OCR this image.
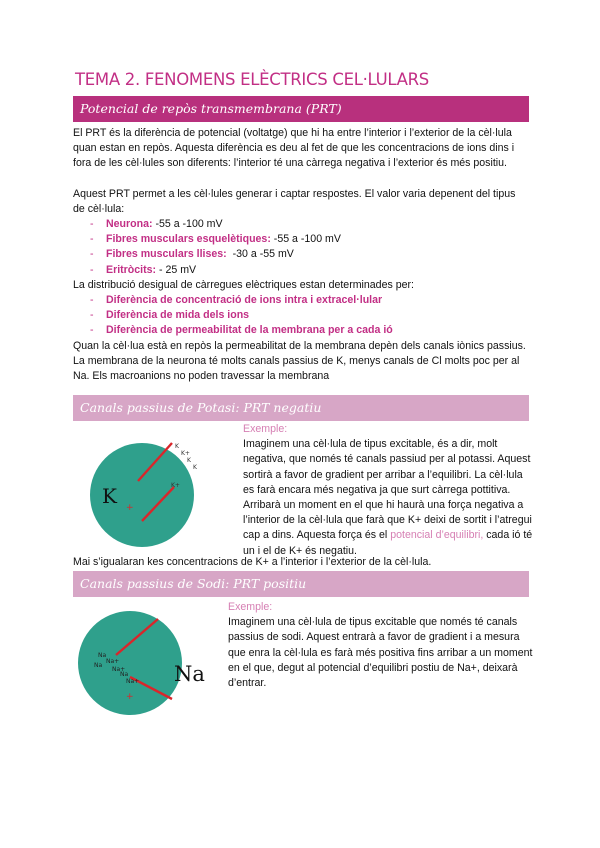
TEMA 2. FENOMENS ELÈCTRICS CEL·LULARS
Potencial de repòs transmembrana (PRT)

El PRT és la diferència de potencial (voltatge) que hi ha entre l’interior i l’exterior de la cèl·lula quan estan en repòs. Aquesta diferència es deu al fet de que les concentracions de ions dins i fora de les cèl·lules son diferents: l’interior té una càrrega negativa i l’exterior és més positiu.

Aquest PRT permet a les cèl·lules generar i captar respostes. El valor varia depenent del tipus de cèl·lula:

- Neurona: -55 a -100 mV
- Fibres musculars esquelètiques: -55 a -100 mV
- Fibres musculars llises:  -30 a -55 mV
- Eritròcits: - 25 mV

La distribució desigual de càrregues elèctriques estan determinades per:

- Diferència de concentració de ions intra i extracel·lular
- Diferència de mida dels ions
- Diferència de permeabilitat de la membrana per a cada ió

Quan la cèl·lua està en repòs la permeabilitat de la membrana depèn dels canals iònics passius. La membrana de la neurona té molts canals passius de K, menys canals de Cl molts poc per al Na. Els macroanions no poden travessar la membrana

Canals passius de Potasi: PRT negatiu
K +
K
K+
K
K
K+

Exemple:

Imaginem una cèl·lula de tipus excitable, és a dir, molt negativa, que només té canals passiud per al potassi. Aquest sortirà a favor de gradient per arribar a l’equilibri. La cèl·lula es farà encara més negativa ja que surt càrrega pottitiva. Arribarà un moment en el que hi haurà una força negativa a l’interior de la cèl·lula que farà que K+ deixi de sortit i l’atregui cap a dins. Aquesta força és el potencial d’equilibri, cada ió té un i el de K+ és negatiu.

Mai s’igualaran kes concentracions de K+ a l’interior i l’exterior de la cèl·lula.
Canals passius de Sodi: PRT positiu
Na
Na+
Na
Na+
Na
Na+
+
Na

Exemple:

Imaginem una cèl·lula de tipus excitable que només té canals passius de sodi. Aquest entrarà a favor de gradient i a mesura que enra la cèl·lula es farà més positiva fins arribar a un moment en el que, degut al potencial d’equilibri postiu de Na+, deixarà d’entrar.
